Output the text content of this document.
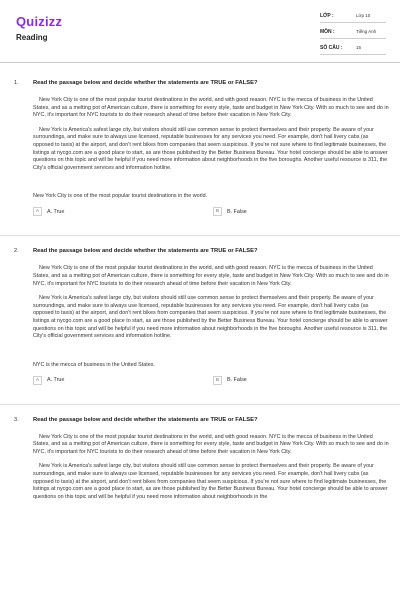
Quizizz
Reading
LỚP :	Lớp 10
MÔN :	Tiếng Anh
SỐ CÂU :	15
1. Read the passage below and decide whether the statements are TRUE or FALSE?

New York City is one of the most popular tourist destinations in the world, and with good reason. NYC is the mecca of business in the United States, and as a melting pot of American culture, there is something for every style, taste and budget in New York City. With so much to see and do in NYC, it's important for NYC tourists to do their research ahead of time before their vacation in New York City.

New York is America's safest large city, but visitors should still use common sense to protect themselves and their property. Be aware of your surroundings, and make sure to always use licensed, reputable businesses for any services you need. For example, don't hail livery cabs (as opposed to taxis) at the airport, and don't rent bikes from companies that seem suspicious. If you're not sure where to find legitimate businesses, the listings at nycgo.com are a good place to start, as are those published by the Better Business Bureau. Your hotel concierge should be able to answer questions on this topic and will be helpful if you need more information about neighborhoods in the five boroughs. Another useful resource is 311, the City's official government services and information hotline.

New York City is one of the most popular tourist destinations in the world.

A	A. True	B	B. False
2. Read the passage below and decide whether the statements are TRUE or FALSE?

New York City is one of the most popular tourist destinations in the world, and with good reason. NYC is the mecca of business in the United States, and as a melting pot of American culture, there is something for every style, taste and budget in New York City. With so much to see and do in NYC, it's important for NYC tourists to do their research ahead of time before their vacation in New York City.

New York is America's safest large city, but visitors should still use common sense to protect themselves and their property. Be aware of your surroundings, and make sure to always use licensed, reputable businesses for any services you need. For example, don't hail livery cabs (as opposed to taxis) at the airport, and don't rent bikes from companies that seem suspicious. If you're not sure where to find legitimate businesses, the listings at nycgo.com are a good place to start, as are those published by the Better Business Bureau. Your hotel concierge should be able to answer questions on this topic and will be helpful if you need more information about neighborhoods in the five boroughs. Another useful resource is 311, the City's official government services and information hotline.

NYC is the mecca of business in the United States.

A	A. True	B	B. False
3. Read the passage below and decide whether the statements are TRUE or FALSE?

New York City is one of the most popular tourist destinations in the world, and with good reason. NYC is the mecca of business in the United States, and as a melting pot of American culture, there is something for every style, taste and budget in New York City. With so much to see and do in NYC, it's important for NYC tourists to do their research ahead of time before their vacation in New York City.

New York is America's safest large city, but visitors should still use common sense to protect themselves and their property. Be aware of your surroundings, and make sure to always use licensed, reputable businesses for any services you need. For example, don't hail livery cabs (as opposed to taxis) at the airport, and don't rent bikes from companies that seem suspicious. If you're not sure where to find legitimate businesses, the listings at nycgo.com are a good place to start, as are those published by the Better Business Bureau. Your hotel concierge should be able to answer questions on this topic and will be helpful if you need more information about neighborhoods in the
